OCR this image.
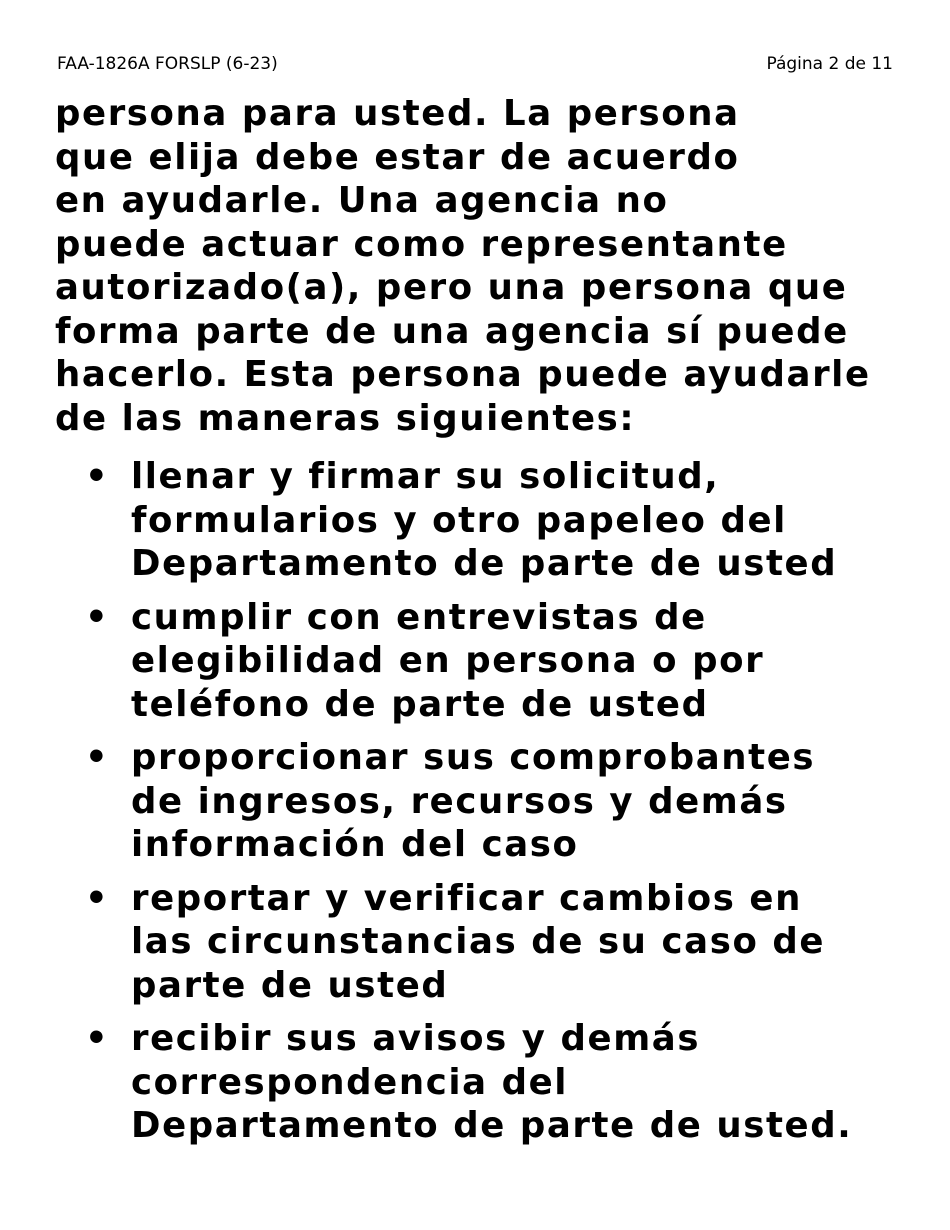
FAA-1826A FORSLP (6-23)	Página 2 de 11
persona para usted. La persona
que elija debe estar de acuerdo
en ayudarle. Una agencia no
puede actuar como representante
autorizado(a), pero una persona que
forma parte de una agencia sí puede
hacerlo. Esta persona puede ayudarle
de las maneras siguientes:
• llenar y firmar su solicitud,
formularios y otro papeleo del
Departamento de parte de usted
• cumplir con entrevistas de
elegibilidad en persona o por
teléfono de parte de usted
• proporcionar sus comprobantes
de ingresos, recursos y demás
información del caso
• reportar y verificar cambios en
las circunstancias de su caso de
parte de usted
• recibir sus avisos y demás
correspondencia del
Departamento de parte de usted.
